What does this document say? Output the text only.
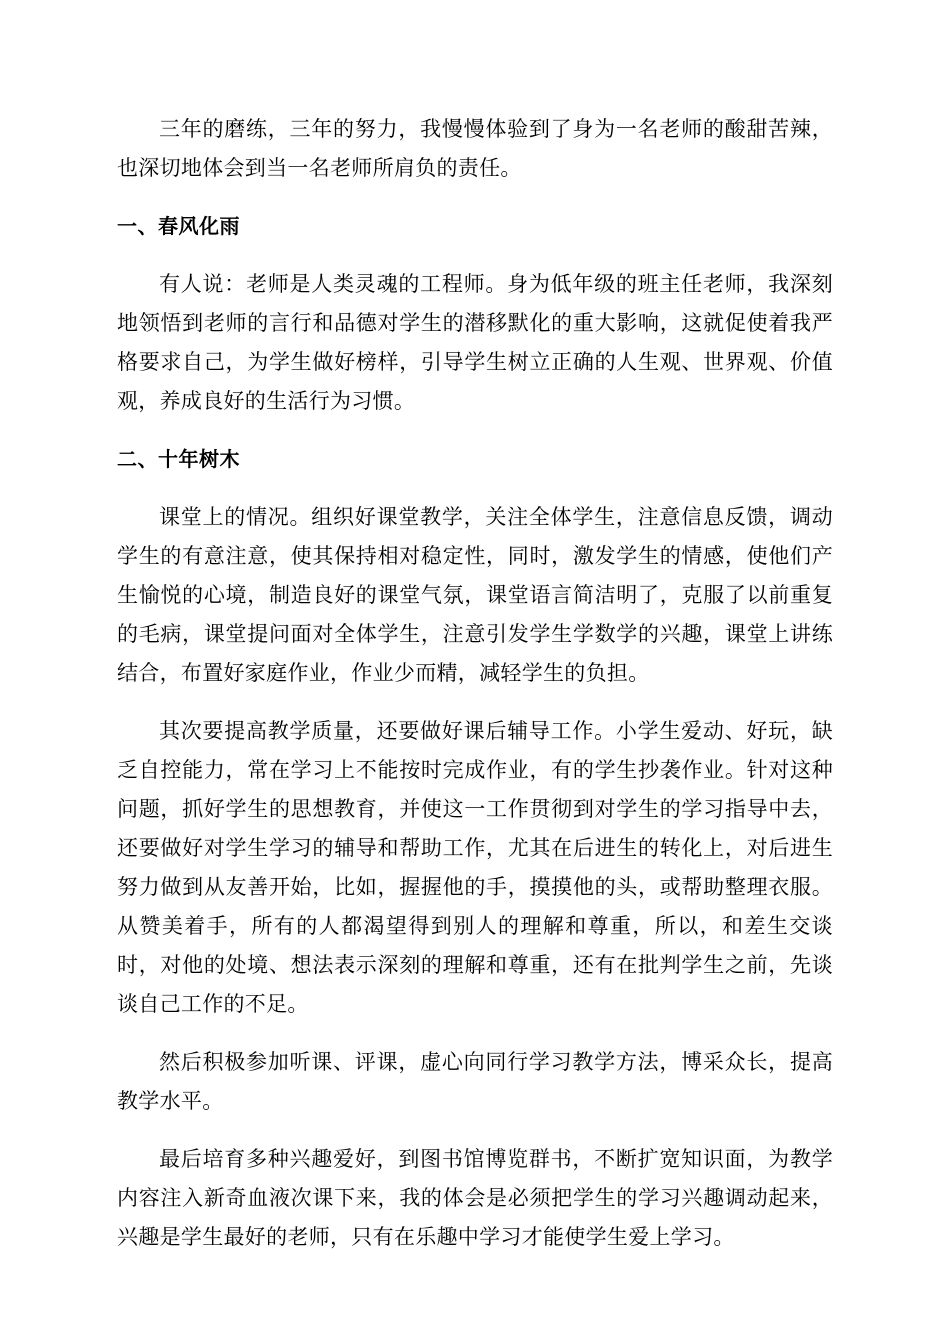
三年的磨练，三年的努力，我慢慢体验到了身为一名老师的酸甜苦辣，也深切地体会到当一名老师所肩负的责任。

一、春风化雨

有人说：老师是人类灵魂的工程师。身为低年级的班主任老师，我深刻地领悟到老师的言行和品德对学生的潜移默化的重大影响，这就促使着我严格要求自己，为学生做好榜样，引导学生树立正确的人生观、世界观、价值观，养成良好的生活行为习惯。

二、十年树木

课堂上的情况。组织好课堂教学，关注全体学生，注意信息反馈，调动学生的有意注意，使其保持相对稳定性，同时，激发学生的情感，使他们产生愉悦的心境，制造良好的课堂气氛，课堂语言简洁明了，克服了以前重复的毛病，课堂提问面对全体学生，注意引发学生学数学的兴趣，课堂上讲练结合，布置好家庭作业，作业少而精，减轻学生的负担。

其次要提高教学质量，还要做好课后辅导工作。小学生爱动、好玩，缺乏自控能力，常在学习上不能按时完成作业，有的学生抄袭作业。针对这种问题，抓好学生的思想教育，并使这一工作贯彻到对学生的学习指导中去，还要做好对学生学习的辅导和帮助工作，尤其在后进生的转化上，对后进生努力做到从友善开始，比如，握握他的手，摸摸他的头，或帮助整理衣服。从赞美着手，所有的人都渴望得到别人的理解和尊重，所以，和差生交谈时，对他的处境、想法表示深刻的理解和尊重，还有在批判学生之前，先谈谈自己工作的不足。

然后积极参加听课、评课，虚心向同行学习教学方法，博采众长，提高教学水平。

最后培育多种兴趣爱好，到图书馆博览群书，不断扩宽知识面，为教学内容注入新奇血液次课下来，我的体会是必须把学生的学习兴趣调动起来，兴趣是学生最好的老师，只有在乐趣中学习才能使学生爱上学习。
